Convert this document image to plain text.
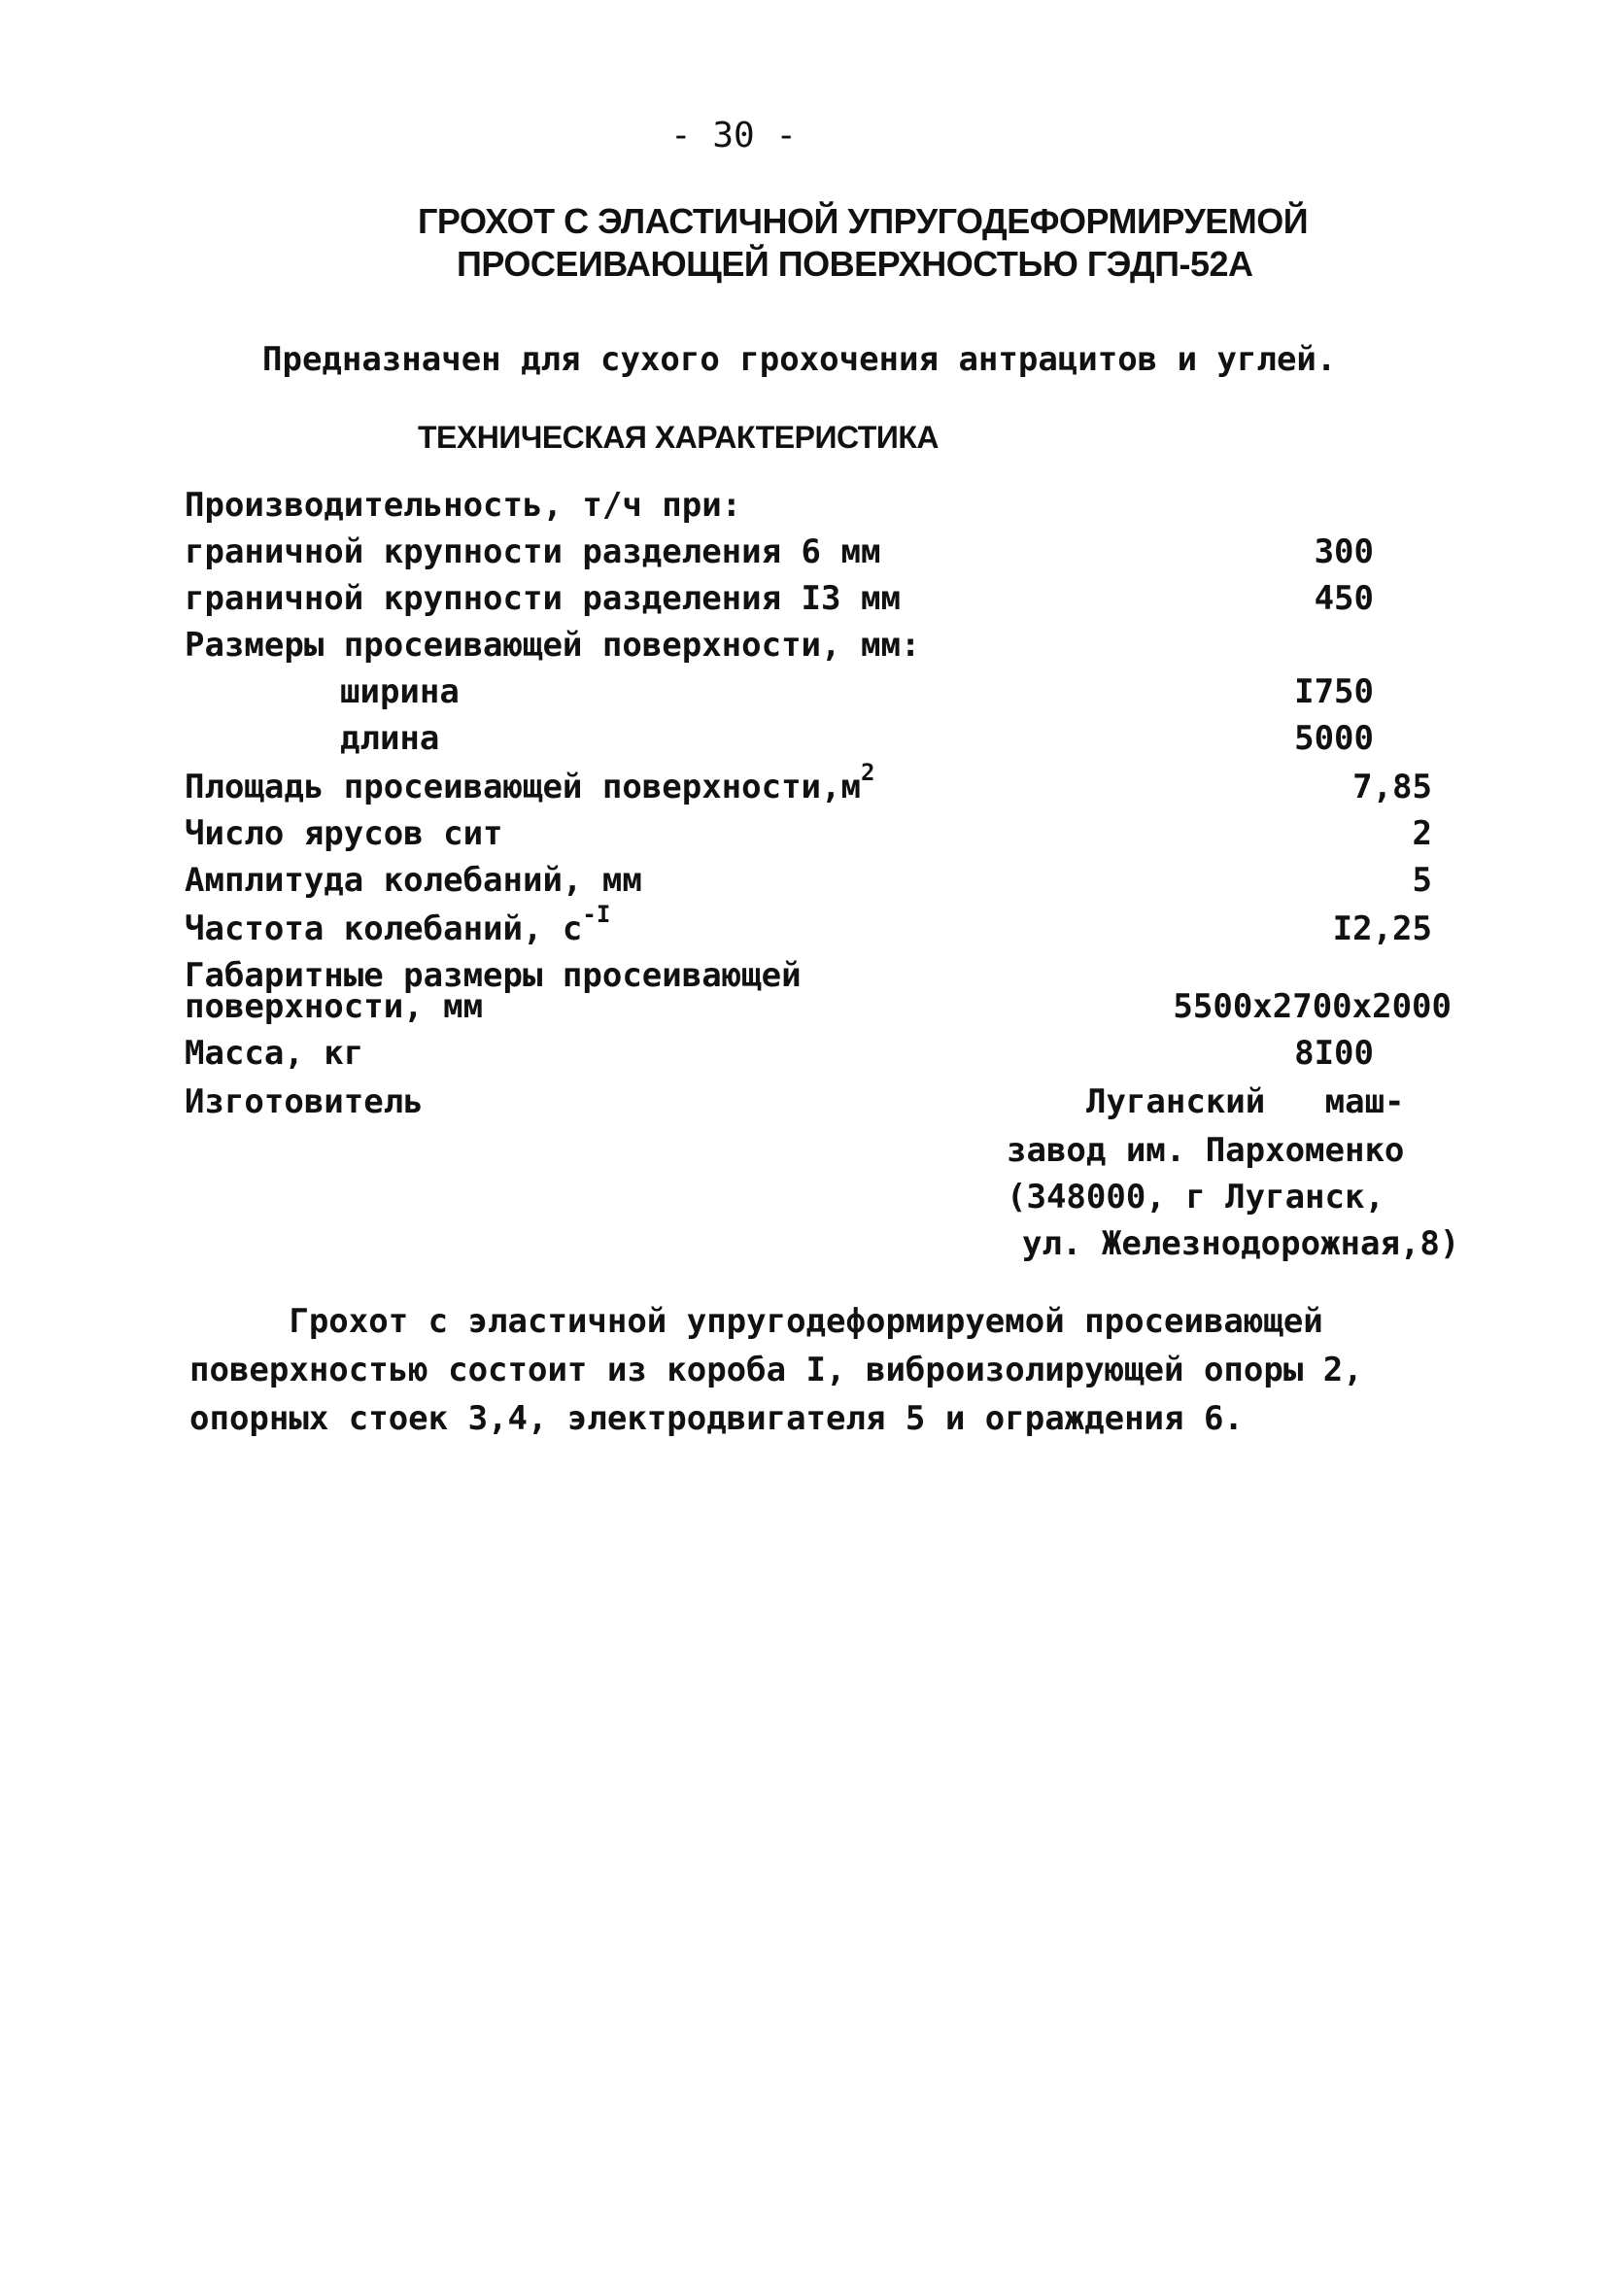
- 30 -
ГРОХОТ С ЭЛАСТИЧНОЙ УПРУГОДЕФОРМИРУЕМОЙ
ПРОСЕИВАЮЩЕЙ ПОВЕРХНОСТЬЮ ГЭДП-52А
Предназначен для сухого грохочения антрацитов и углей.
ТЕХНИЧЕСКАЯ ХАРАКТЕРИСТИКА
Производительность, т/ч при:
граничной крупности разделения 6 мм	300
граничной крупности разделения I3 мм	450
Размеры просеивающей поверхности, мм:
ширина	I750
длина	5000
Площадь просеивающей $поверхности,м^2$	7,85
Число ярусов сит	2
Амплитуда колебаний, мм	5
Частота колебаний, $с^{-I}$	I2,25
Габаритные размеры просеивающей
поверхности, мм	5500х2700х2000
Масса, кг	8I00
Изготовитель	Луганский   маш-
завод им. Пархоменко
(348000, г Луганск,
ул. Железнодорожная,8)
Грохот с эластичной упругодеформируемой просеивающей
поверхностью состоит из короба I, виброизолирующей опоры 2,
опорных стоек 3,4, электродвигателя 5 и ограждения 6.
